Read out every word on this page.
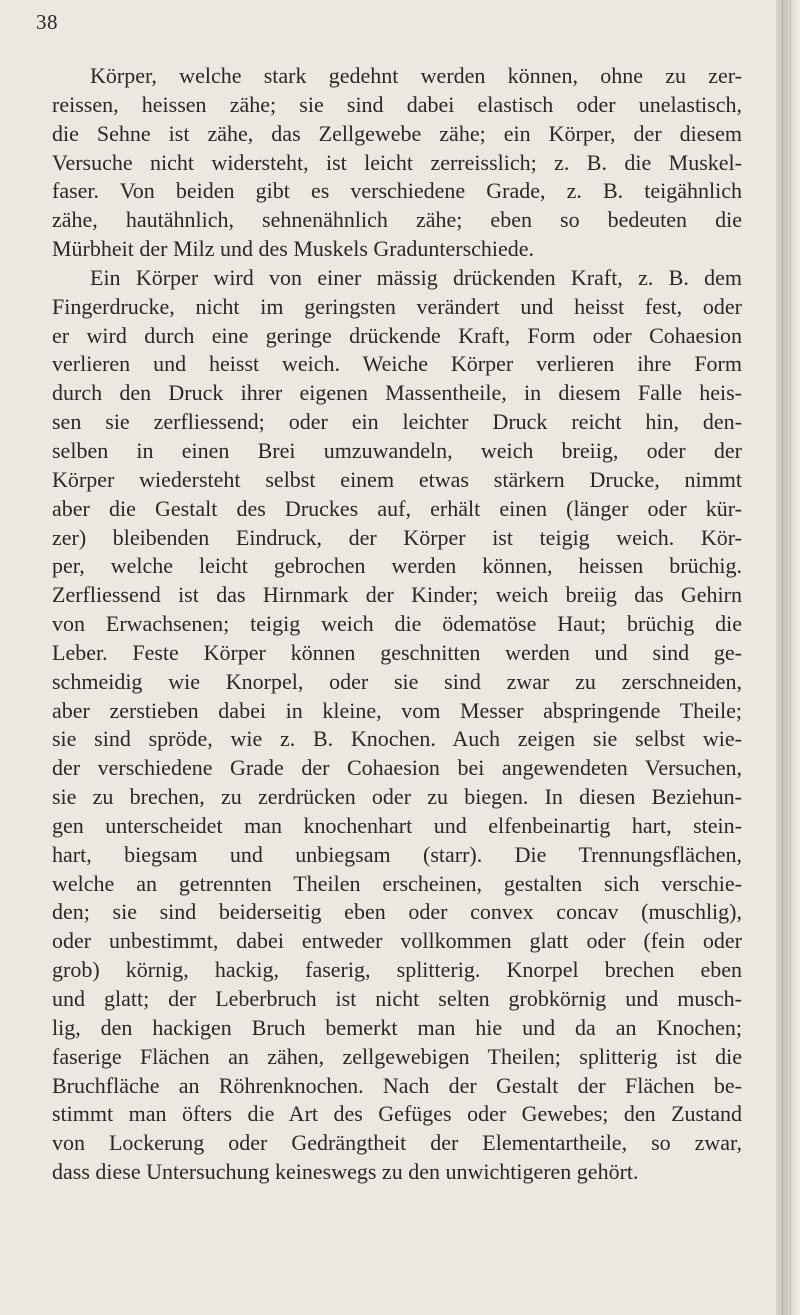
38
Körper, welche stark gedehnt werden können, ohne zu zer-
reissen, heissen zähe; sie sind dabei elastisch oder unelastisch,
die Sehne ist zähe, das Zellgewebe zähe; ein Körper, der diesem
Versuche nicht widersteht, ist leicht zerreisslich; z. B. die Muskel-
faser. Von beiden gibt es verschiedene Grade, z. B. teigähnlich
zähe, hautähnlich, sehnenähnlich zähe; eben so bedeuten die
Mürbheit der Milz und des Muskels Gradunterschiede.
Ein Körper wird von einer mässig drückenden Kraft, z. B. dem
Fingerdrucke, nicht im geringsten verändert und heisst fest, oder
er wird durch eine geringe drückende Kraft, Form oder Cohaesion
verlieren und heisst weich. Weiche Körper verlieren ihre Form
durch den Druck ihrer eigenen Massentheile, in diesem Falle heis-
sen sie zerfliessend; oder ein leichter Druck reicht hin, den-
selben in einen Brei umzuwandeln, weich breiig, oder der
Körper wiedersteht selbst einem etwas stärkern Drucke, nimmt
aber die Gestalt des Druckes auf, erhält einen (länger oder kür-
zer) bleibenden Eindruck, der Körper ist teigig weich. Kör-
per, welche leicht gebrochen werden können, heissen brüchig.
Zerfliessend ist das Hirnmark der Kinder; weich breiig das Gehirn
von Erwachsenen; teigig weich die ödematöse Haut; brüchig die
Leber. Feste Körper können geschnitten werden und sind ge-
schmeidig wie Knorpel, oder sie sind zwar zu zerschneiden,
aber zerstieben dabei in kleine, vom Messer abspringende Theile;
sie sind spröde, wie z. B. Knochen. Auch zeigen sie selbst wie-
der verschiedene Grade der Cohaesion bei angewendeten Versuchen,
sie zu brechen, zu zerdrücken oder zu biegen. In diesen Beziehun-
gen unterscheidet man knochenhart und elfenbeinartig hart, stein-
hart, biegsam und unbiegsam (starr). Die Trennungsflächen,
welche an getrennten Theilen erscheinen, gestalten sich verschie-
den; sie sind beiderseitig eben oder convex concav (muschlig),
oder unbestimmt, dabei entweder vollkommen glatt oder (fein oder
grob) körnig, hackig, faserig, splitterig. Knorpel brechen eben
und glatt; der Leberbruch ist nicht selten grobkörnig und musch-
lig, den hackigen Bruch bemerkt man hie und da an Knochen;
faserige Flächen an zähen, zellgewebigen Theilen; splitterig ist die
Bruchfläche an Röhrenknochen. Nach der Gestalt der Flächen be-
stimmt man öfters die Art des Gefüges oder Gewebes; den Zustand
von Lockerung oder Gedrängtheit der Elementartheile, so zwar,
dass diese Untersuchung keineswegs zu den unwichtigeren gehört.
